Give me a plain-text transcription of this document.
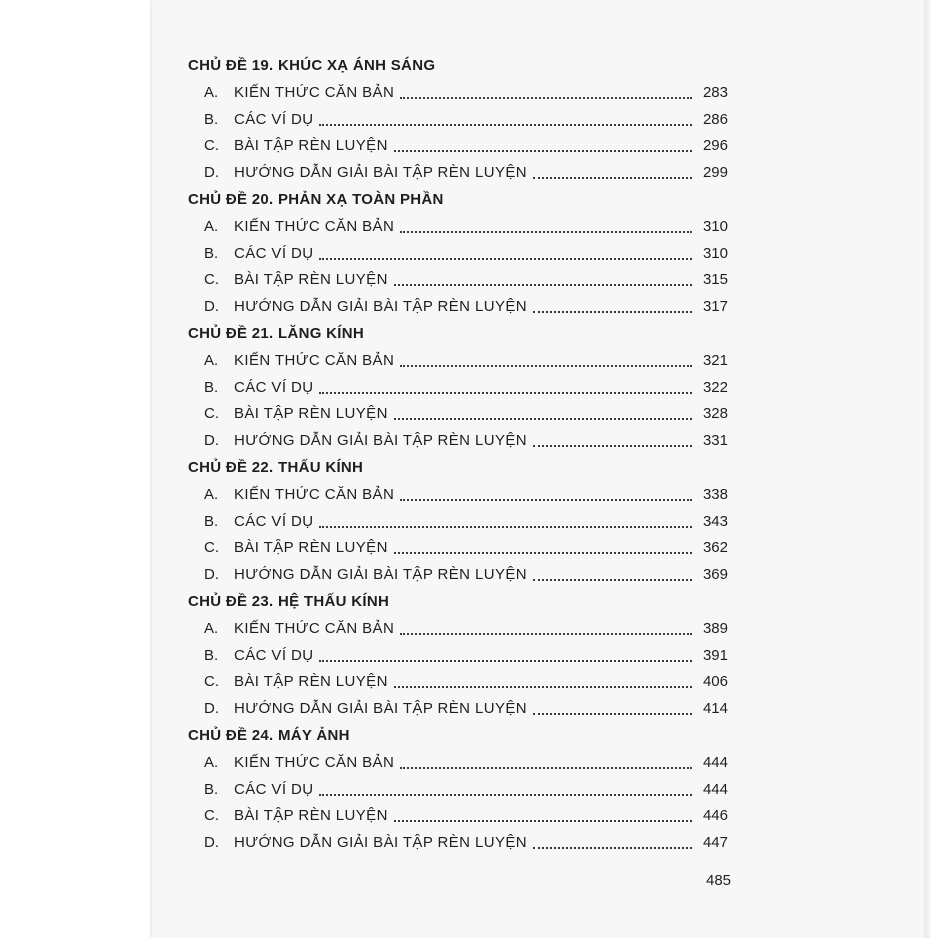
CHỦ ĐỀ 19. KHÚC XẠ ÁNH SÁNG
A.	KIẾN THỨC CĂN BẢN	283
B.	CÁC VÍ DỤ	286
C.	BÀI TẬP RÈN LUYỆN	296
D.	HƯỚNG DẪN GIẢI BÀI TẬP RÈN LUYỆN	299
CHỦ ĐỀ 20. PHẢN XẠ TOÀN PHẦN
A.	KIẾN THỨC CĂN BẢN	310
B.	CÁC VÍ DỤ	310
C.	BÀI TẬP RÈN LUYỆN	315
D.	HƯỚNG DẪN GIẢI BÀI TẬP RÈN LUYỆN	317
CHỦ ĐỀ 21. LĂNG KÍNH
A.	KIẾN THỨC CĂN BẢN	321
B.	CÁC VÍ DỤ	322
C.	BÀI TẬP RÈN LUYỆN	328
D.	HƯỚNG DẪN GIẢI BÀI TẬP RÈN LUYỆN	331
CHỦ ĐỀ 22. THẤU KÍNH
A.	KIẾN THỨC CĂN BẢN	338
B.	CÁC VÍ DỤ	343
C.	BÀI TẬP RÈN LUYỆN	362
D.	HƯỚNG DẪN GIẢI BÀI TẬP RÈN LUYỆN	369
CHỦ ĐỀ 23. HỆ THẤU KÍNH
A.	KIẾN THỨC CĂN BẢN	389
B.	CÁC VÍ DỤ	391
C.	BÀI TẬP RÈN LUYỆN	406
D.	HƯỚNG DẪN GIẢI BÀI TẬP RÈN LUYỆN	414
CHỦ ĐỀ 24. MÁY ẢNH
A.	KIẾN THỨC CĂN BẢN	444
B.	CÁC VÍ DỤ	444
C.	BÀI TẬP RÈN LUYỆN	446
D.	HƯỚNG DẪN GIẢI BÀI TẬP RÈN LUYỆN	447
485
